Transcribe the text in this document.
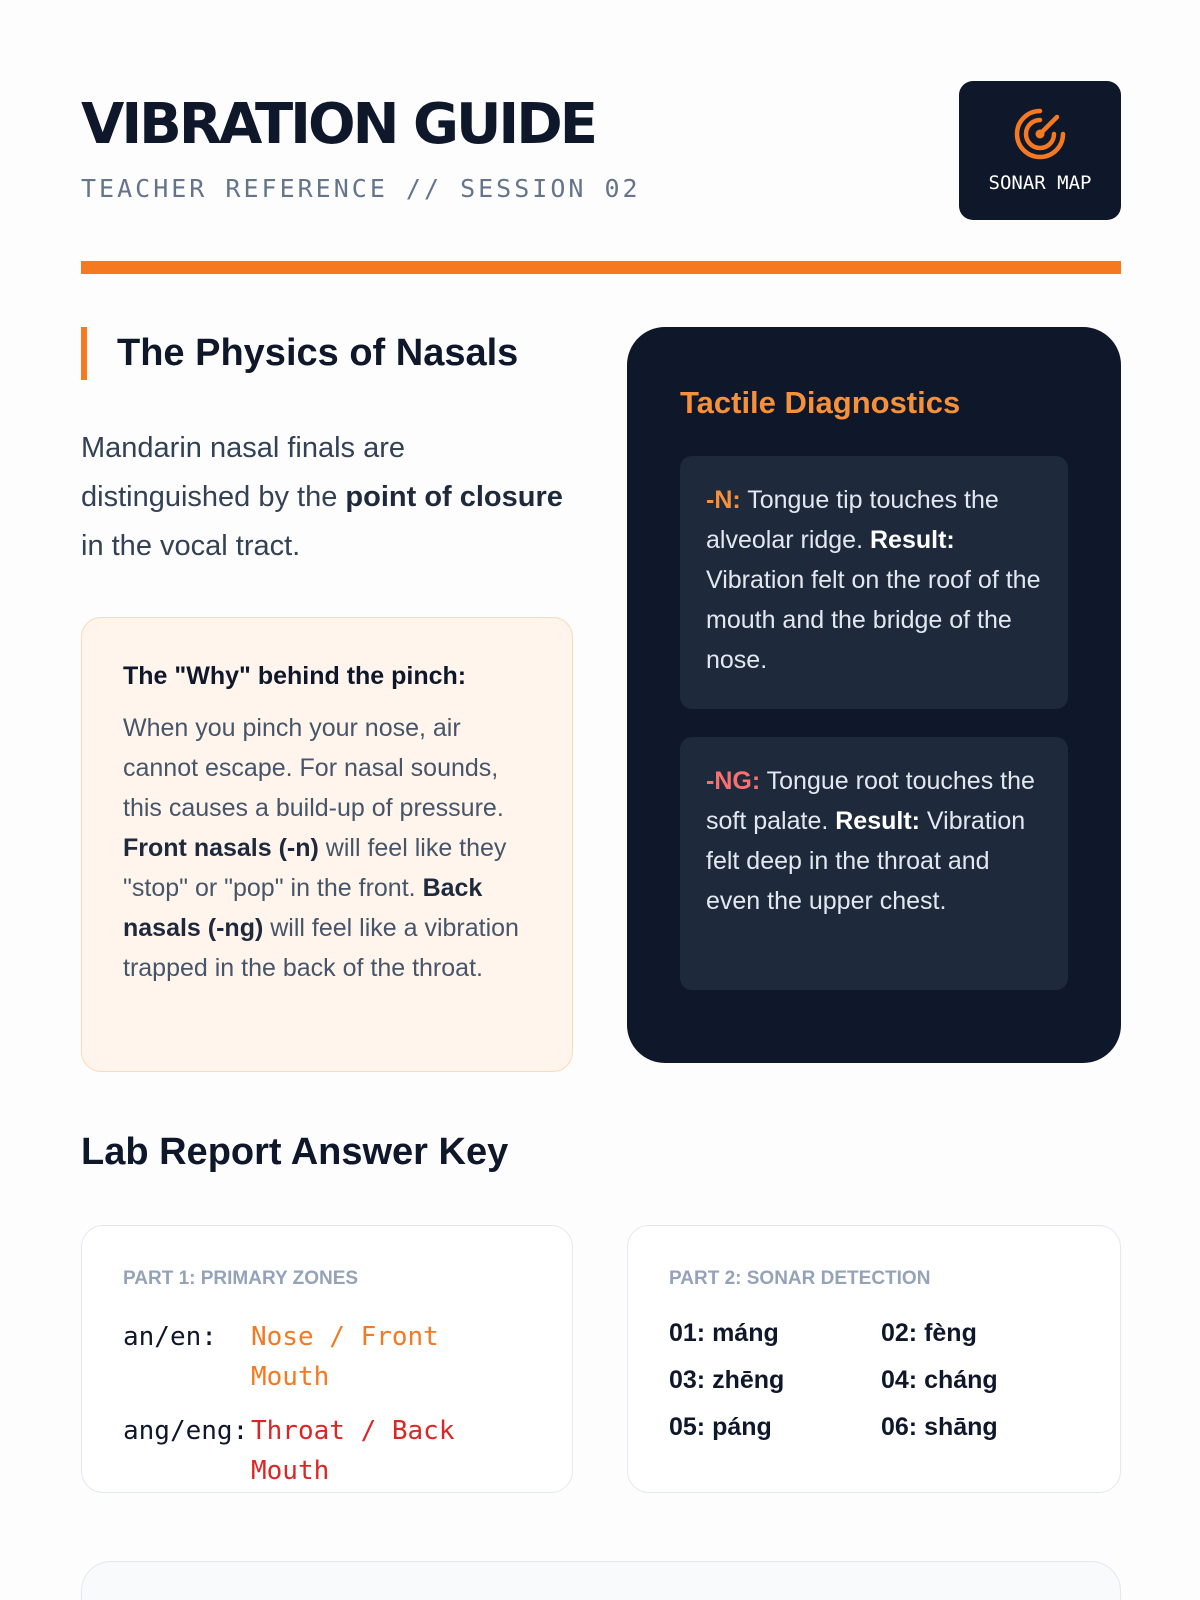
VIBRATION GUIDE
TEACHER REFERENCE // SESSION 02	SONAR MAP
The Physics of Nasals

Mandarin nasal finals are distinguished by the point of closure in the vocal tract.

The "Why" behind the pinch:

When you pinch your nose, air cannot escape. For nasal sounds, this causes a build-up of pressure. Front nasals (-n) will feel like they "stop" or "pop" in the front. Back nasals (-ng) will feel like a vibration trapped in the back of the throat.

Tactile Diagnostics
-N: Tongue tip touches the alveolar ridge. Result: Vibration felt on the roof of the mouth and the bridge of the nose.
-NG: Tongue root touches the soft palate. Result: Vibration felt deep in the throat and even the upper chest.
Lab Report Answer Key
PART 1: PRIMARY ZONES
an/en:	Nose / Front Mouth
ang/eng: Throat / Back Mouth
PART 2: SONAR DETECTION
01: máng	02: fèng
03: zhēng	04: cháng
05: páng	06: shāng
